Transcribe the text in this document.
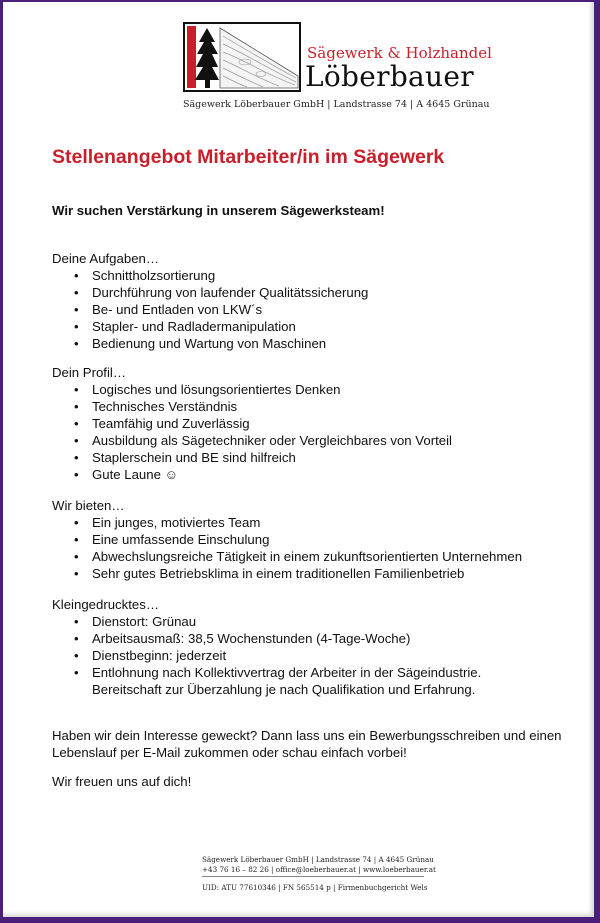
Sägewerk & Holzhandel
Löberbauer
Sägewerk Löberbauer GmbH | Landstrasse 74 | A 4645 Grünau
Stellenangebot Mitarbeiter/in im Sägewerk
Wir suchen Verstärkung in unserem Sägewerksteam!
Deine Aufgaben…
• Schnittholzsortierung
• Durchführung von laufender Qualitätssicherung
• Be- und Entladen von LKW´s
• Stapler- und Radladermanipulation
• Bedienung und Wartung von Maschinen
Dein Profil…
• Logisches und lösungsorientiertes Denken
• Technisches Verständnis
• Teamfähig und Zuverlässig
• Ausbildung als Sägetechniker oder Vergleichbares von Vorteil
• Staplerschein und BE sind hilfreich
• Gute Laune ☺
Wir bieten…
• Ein junges, motiviertes Team
• Eine umfassende Einschulung
• Abwechslungsreiche Tätigkeit in einem zukunftsorientierten Unternehmen
• Sehr gutes Betriebsklima in einem traditionellen Familienbetrieb
Kleingedrucktes…
• Dienstort: Grünau
• Arbeitsausmaß: 38,5 Wochenstunden (4-Tage-Woche)
• Dienstbeginn: jederzeit
• Entlohnung nach Kollektivvertrag der Arbeiter in der Sägeindustrie.
Bereitschaft zur Überzahlung je nach Qualifikation und Erfahrung.
Haben wir dein Interesse geweckt? Dann lass uns ein Bewerbungsschreiben und einen Lebenslauf per E-Mail zukommen oder schau einfach vorbei!
Wir freuen uns auf dich!
Sägewerk Löberbauer GmbH | Landstrasse 74 | A 4645 Grünau
+43 76 16 – 82 26 | office@loeberbauer.at | www.loeberbauer.at
UID: ATU 77610346 | FN 565514 p | Firmenbuchgericht Wels
